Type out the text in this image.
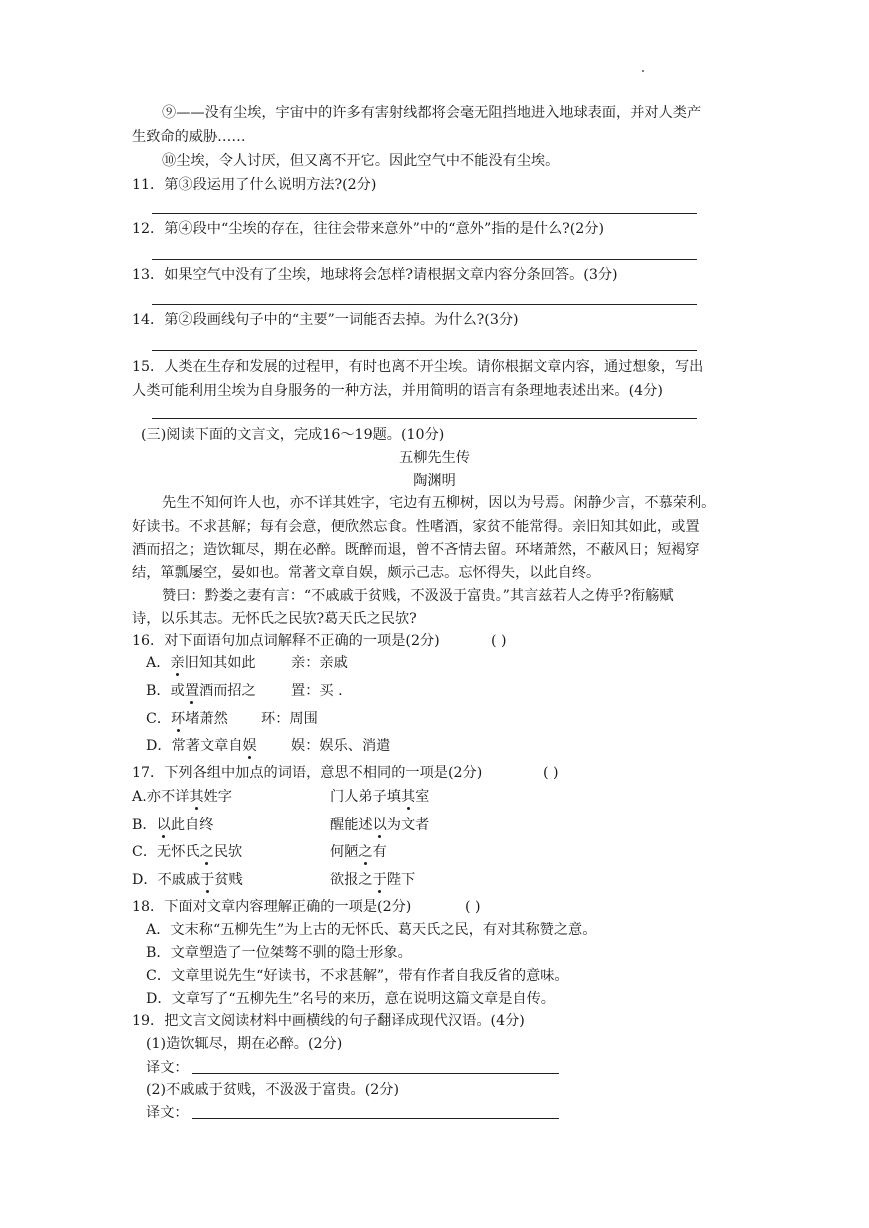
⑨——没有尘埃，宇宙中的许多有害射线都将会毫无阻挡地进入地球表面，并对人类产
生致命的威胁……
⑩尘埃，令人讨厌，但又离不开它。因此空气中不能没有尘埃。
11．第③段运用了什么说明方法?(2分)
12．第④段中“尘埃的存在，往往会带来意外”中的“意外”指的是什么?(2分)
13．如果空气中没有了尘埃，地球将会怎样?请根据文章内容分条回答。(3分)
14．第②段画线句子中的“主要”一词能否去掉。为什么?(3分)
15．人类在生存和发展的过程甲，有时也离不开尘埃。请你根据文章内容，通过想象，写出
人类可能利用尘埃为自身服务的一种方法，并用简明的语言有条理地表述出来。(4分)
(三)阅读下面的文言文，完成16～19题。(10分)
五柳先生传
陶渊明
先生不知何许人也，亦不详其姓字，宅边有五柳树，因以为号焉。闲静少言，不慕荣利。
好读书。不求甚解；每有会意，便欣然忘食。性嗜酒，家贫不能常得。亲旧知其如此，或置
酒而招之；造饮辄尽，期在必醉。既醉而退，曾不吝情去留。环堵萧然，不蔽风日；短褐穿
结，箪瓢屡空，晏如也。常著文章自娱，颇示己志。忘怀得失，以此自终。
赞曰：黔娄之妻有言：“不戚戚于贫贱，不汲汲于富贵。”其言兹若人之俦乎?衔觞赋
诗，以乐其志。无怀氏之民欤?葛天氏之民欤?
16．对下面语句加点词解释不正确的一项是(2分)	( )
A．亲旧知其如此 亲：亲戚
B．或置酒而招之 置：买 .
C．环堵萧然 环：周围
D．常著文章自娱 娱：娱乐、消遣
17．下列各组中加点的词语，意思不相同的一项是(2分)	( )
A.亦不详其姓字	门人弟子填其室
B．以此自终	醒能述以为文者
C．无怀氏之民欤	何陋之有
D．不戚戚于贫贱	欲报之于陛下
18．下面对文章内容理解正确的一项是(2分)	( )
A．文末称“五柳先生”为上古的无怀氏、葛天氏之民，有对其称赞之意。
B．文章塑造了一位桀骜不驯的隐士形象。
C．文章里说先生“好读书，不求甚解”，带有作者自我反省的意味。
D．文章写了“五柳先生”名号的来历，意在说明这篇文章是自传。
19．把文言文阅读材料中画横线的句子翻译成现代汉语。(4分)
(1)造饮辄尽，期在必醉。(2分)
译文：
(2)不戚戚于贫贱，不汲汲于富贵。(2分)
译文：
